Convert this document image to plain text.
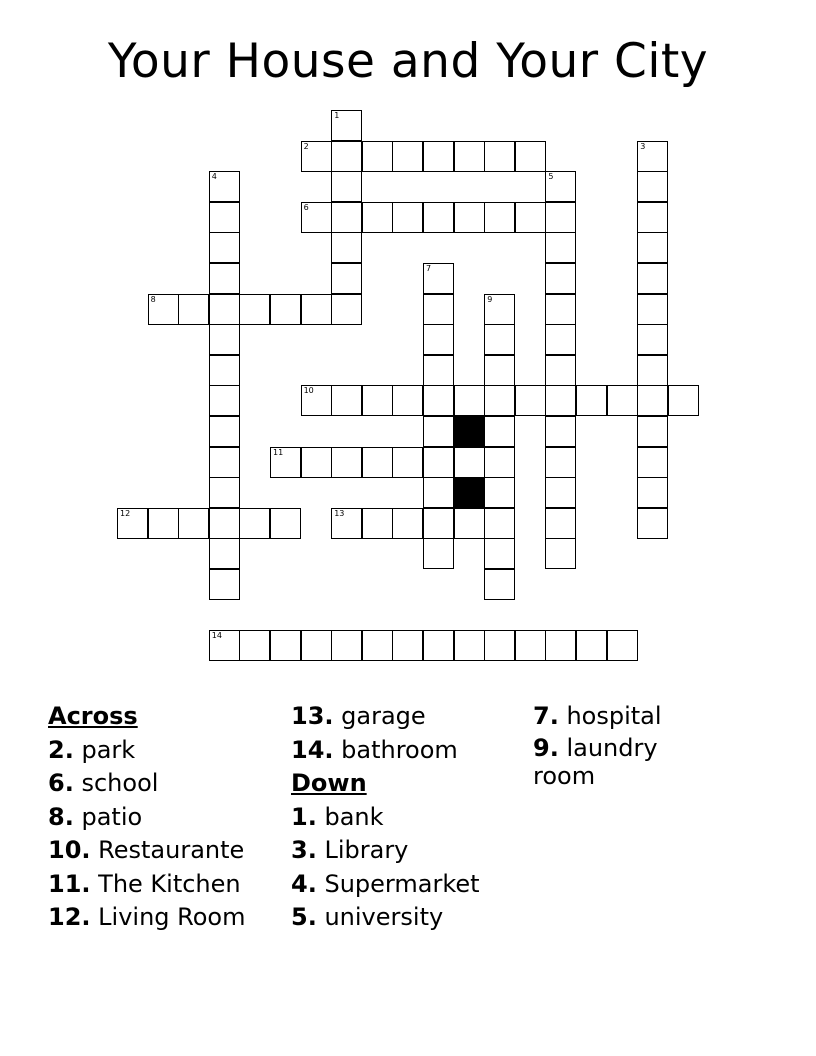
Your House and Your City
1
2	3
4	5
6
7
8	9
10
11
12	13
14
Across
2. park
6. school
8. patio
10. Restaurante
11. The Kitchen
12. Living Room
13. garage
14. bathroom
Down
1. bank
3. Library
4. Supermarket
5. university
7. hospital
9. laundry room
